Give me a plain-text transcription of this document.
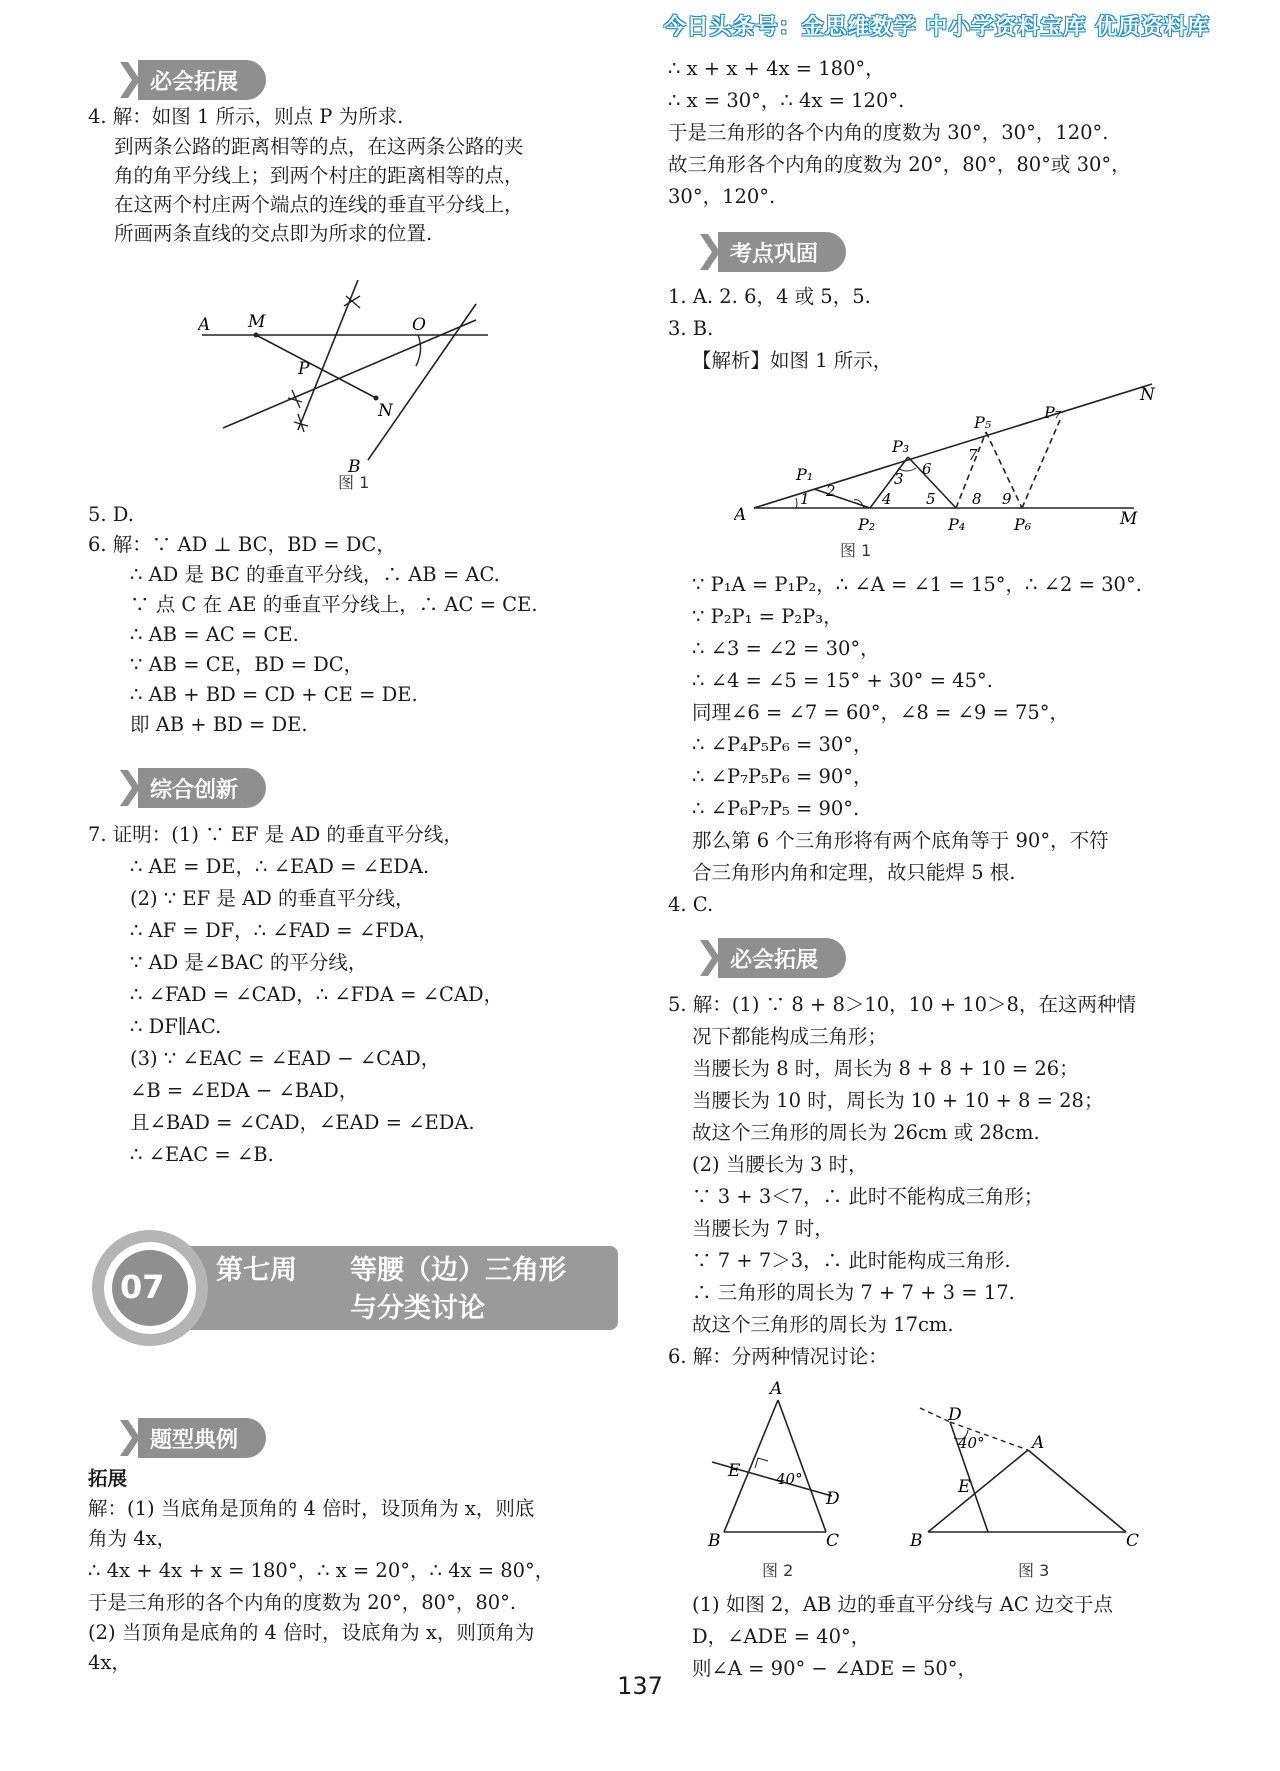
今日头条号：金思维数学 中小学资料宝库 优质资料库
必会拓展
4. 解：如图 1 所示，则点 P 为所求.
到两条公路的距离相等的点，在这两条公路的夹
角的角平分线上；到两个村庄的距离相等的点，
在这两个村庄两个端点的连线的垂直平分线上，
所画两条直线的交点即为所求的位置.
A M	O
P
N
B
图 1
5. D.
6. 解：∵ AD ⊥ BC，BD = DC，
∴ AD 是 BC 的垂直平分线，∴ AB = AC.
∵ 点 C 在 AE 的垂直平分线上，∴ AC = CE.
∴ AB = AC = CE.
∵ AB = CE，BD = DC，
∴ AB + BD = CD + CE = DE.
即 AB + BD = DE.
综合创新
7. 证明：(1) ∵ EF 是 AD 的垂直平分线，
∴ AE = DE，∴ ∠EAD = ∠EDA.
(2) ∵ EF 是 AD 的垂直平分线，
∴ AF = DF，∴ ∠FAD = ∠FDA，
∵ AD 是∠BAC 的平分线，
∴ ∠FAD = ∠CAD，∴ ∠FDA = ∠CAD，
∴ DF∥AC.
(3) ∵ ∠EAC = ∠EAD − ∠CAD，
∠B = ∠EDA − ∠BAD，
且∠BAD = ∠CAD，∠EAD = ∠EDA.
∴ ∠EAC = ∠B.
07 第七周 等腰（边）三角形
与分类讨论
题型典例
拓展
解：(1) 当底角是顶角的 4 倍时，设顶角为 x，则底
角为 4x，
∴ 4x + 4x + x = 180°，∴ x = 20°，∴ 4x = 80°，
于是三角形的各个内角的度数为 20°，80°，80°.
(2) 当顶角是底角的 4 倍时，设底角为 x，则顶角为
4x，
∴ x + x + 4x = 180°，
∴ x = 30°，∴ 4x = 120°.
于是三角形的各个内角的度数为 30°，30°，120°.
故三角形各个内角的度数为 20°，80°，80°或 30°，
30°，120°.
考点巩固
1. A. 2. 6，4 或 5，5.
3. B.
【解析】如图 1 所示，
A	M
N
P₁
P₂
P₃
P₄
P₅
P₆
P₇
1 2
3
4 5
6
7
8 9
图 1
∵ P₁A = P₁P₂，∴ ∠A = ∠1 = 15°，∴ ∠2 = 30°.
∵ P₂P₁ = P₂P₃，
∴ ∠3 = ∠2 = 30°，
∴ ∠4 = ∠5 = 15° + 30° = 45°.
同理∠6 = ∠7 = 60°，∠8 = ∠9 = 75°，
∴ ∠P₄P₅P₆ = 30°，
∴ ∠P₇P₅P₆ = 90°，
∴ ∠P₆P₇P₅ = 90°.
那么第 6 个三角形将有两个底角等于 90°，不符
合三角形内角和定理，故只能焊 5 根.
4. C.
必会拓展
5. 解：(1) ∵ 8 + 8＞10，10 + 10＞8，在这两种情
况下都能构成三角形；
当腰长为 8 时，周长为 8 + 8 + 10 = 26；
当腰长为 10 时，周长为 10 + 10 + 8 = 28；
故这个三角形的周长为 26cm 或 28cm.
(2) 当腰长为 3 时，
∵ 3 + 3＜7，∴ 此时不能构成三角形；
当腰长为 7 时，
∵ 7 + 7＞3，∴ 此时能构成三角形.
∴ 三角形的周长为 7 + 7 + 3 = 17.
故这个三角形的周长为 17cm.
6. 解：分两种情况讨论：
A
E 40°
D
B	C
图 2
D
40°	A
E
B	C
图 3
(1) 如图 2，AB 边的垂直平分线与 AC 边交于点
D，∠ADE = 40°，
则∠A = 90° − ∠ADE = 50°，
137
